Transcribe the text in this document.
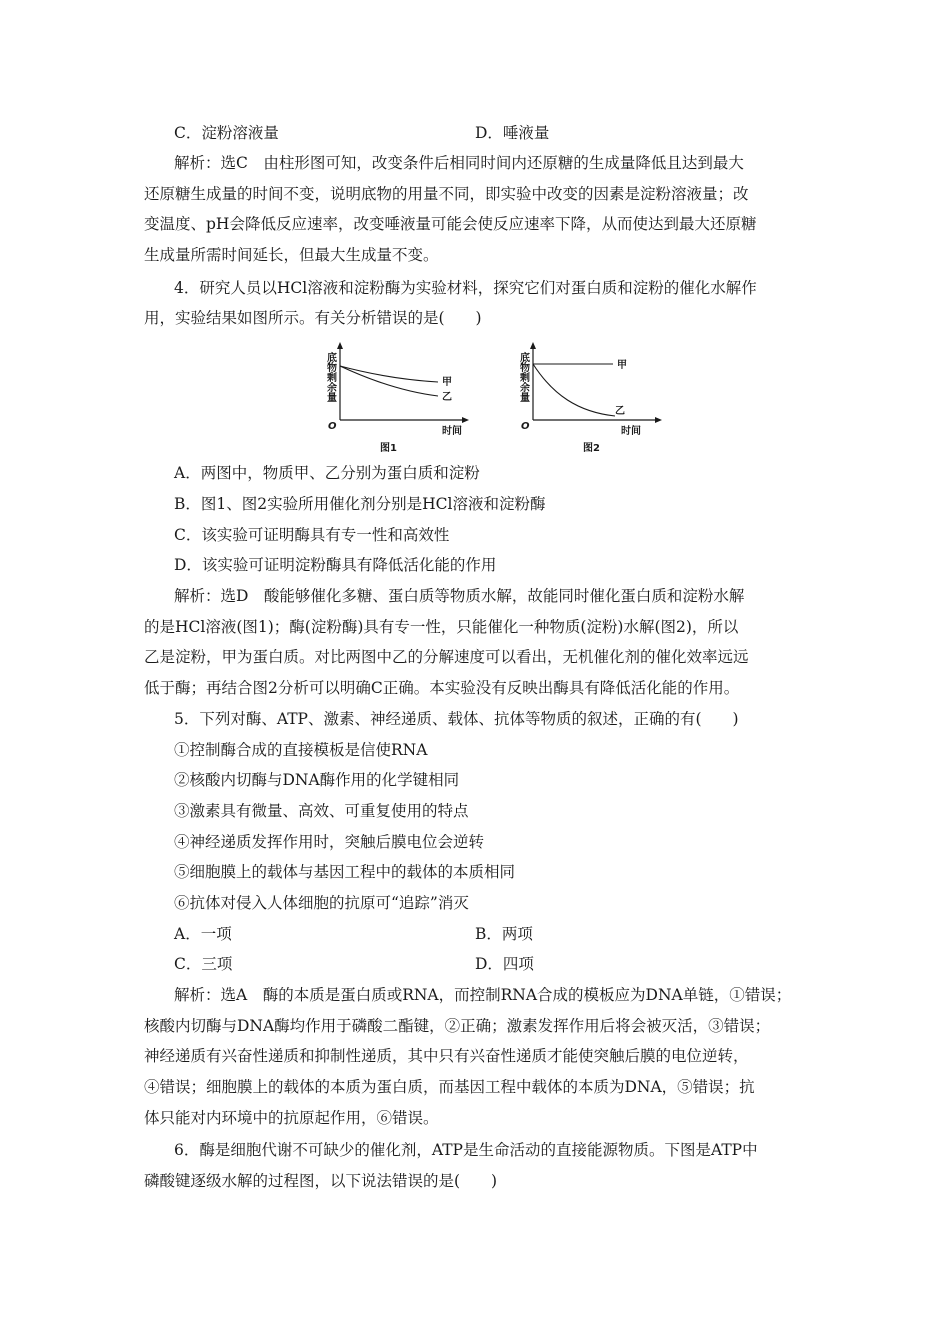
C．淀粉溶液量	D．唾液量
解析：选C　由柱形图可知，改变条件后相同时间内还原糖的生成量降低且达到最大
还原糖生成量的时间不变，说明底物的用量不同，即实验中改变的因素是淀粉溶液量；改
变温度、pH会降低反应速率，改变唾液量可能会使反应速率下降，从而使达到最大还原糖
生成量所需时间延长，但最大生成量不变。
4．研究人员以HCl溶液和淀粉酶为实验材料，探究它们对蛋白质和淀粉的催化水解作
用，实验结果如图所示。有关分析错误的是(　　)
底物剩余量	甲
乙
O	时间
图1
底物剩余量	甲
乙
O	时间
图2
A．两图中，物质甲、乙分别为蛋白质和淀粉
B．图1、图2实验所用催化剂分别是HCl溶液和淀粉酶
C．该实验可证明酶具有专一性和高效性
D．该实验可证明淀粉酶具有降低活化能的作用
解析：选D　酸能够催化多糖、蛋白质等物质水解，故能同时催化蛋白质和淀粉水解
的是HCl溶液(图1)；酶(淀粉酶)具有专一性，只能催化一种物质(淀粉)水解(图2)，所以
乙是淀粉，甲为蛋白质。对比两图中乙的分解速度可以看出，无机催化剂的催化效率远远
低于酶；再结合图2分析可以明确C正确。本实验没有反映出酶具有降低活化能的作用。
5．下列对酶、ATP、激素、神经递质、载体、抗体等物质的叙述，正确的有(　　)
①控制酶合成的直接模板是信使RNA
②核酸内切酶与DNA酶作用的化学键相同
③激素具有微量、高效、可重复使用的特点
④神经递质发挥作用时，突触后膜电位会逆转
⑤细胞膜上的载体与基因工程中的载体的本质相同
⑥抗体对侵入人体细胞的抗原可“追踪”消灭
A．一项	B．两项
C．三项	D．四项
解析：选A　酶的本质是蛋白质或RNA，而控制RNA合成的模板应为DNA单链，①错误；
核酸内切酶与DNA酶均作用于磷酸二酯键，②正确；激素发挥作用后将会被灭活，③错误；
神经递质有兴奋性递质和抑制性递质，其中只有兴奋性递质才能使突触后膜的电位逆转，
④错误；细胞膜上的载体的本质为蛋白质，而基因工程中载体的本质为DNA，⑤错误；抗
体只能对内环境中的抗原起作用，⑥错误。
6．酶是细胞代谢不可缺少的催化剂，ATP是生命活动的直接能源物质。下图是ATP中
磷酸键逐级水解的过程图，以下说法错误的是(　　)
